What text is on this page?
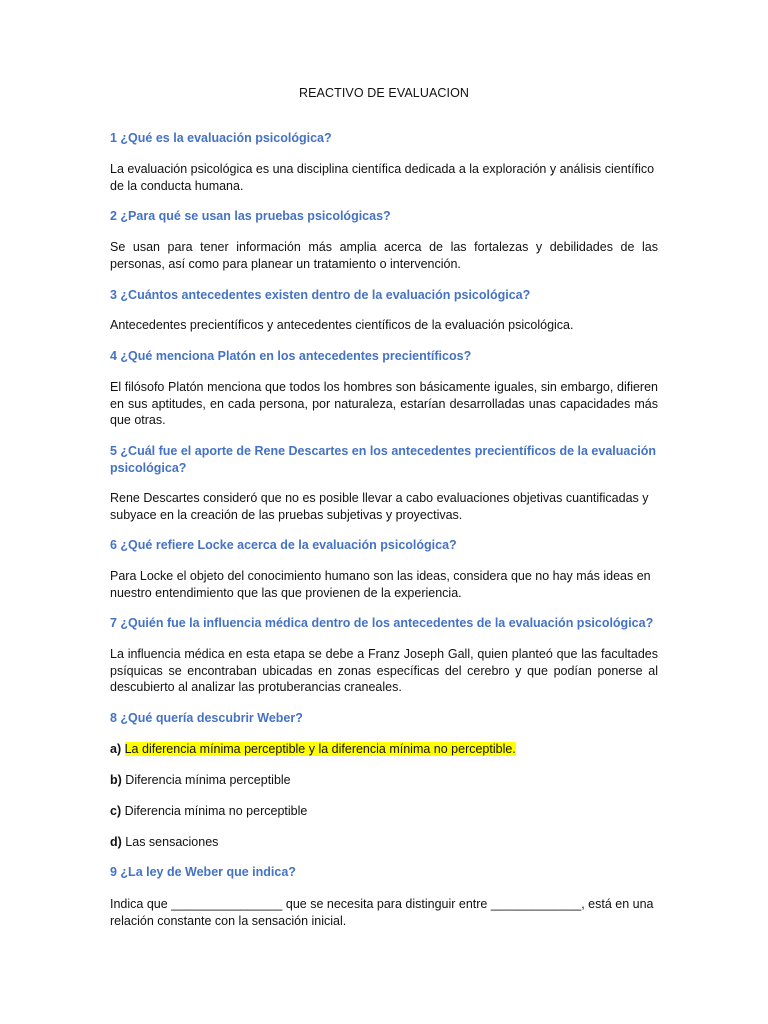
REACTIVO DE EVALUACION
1 ¿Qué es la evaluación psicológica?
La evaluación psicológica es una disciplina científica dedicada a la exploración y análisis científico de la conducta humana.
2 ¿Para qué se usan las pruebas psicológicas?
Se usan para tener información más amplia acerca de las fortalezas y debilidades de las personas, así como para planear un tratamiento o intervención.
3 ¿Cuántos antecedentes existen dentro de la evaluación psicológica?
Antecedentes precientíficos y antecedentes científicos de la evaluación psicológica.
4 ¿Qué menciona Platón en los antecedentes precientíficos?
El filósofo Platón menciona que todos los hombres son básicamente iguales, sin embargo, difieren en sus aptitudes, en cada persona, por naturaleza, estarían desarrolladas unas capacidades más que otras.
5 ¿Cuál fue el aporte de Rene Descartes en los antecedentes precientíficos de la evaluación psicológica?
Rene Descartes consideró que no es posible llevar a cabo evaluaciones objetivas cuantificadas y subyace en la creación de las pruebas subjetivas y proyectivas.
6 ¿Qué refiere Locke acerca de la evaluación psicológica?
Para Locke el objeto del conocimiento humano son las ideas, considera que no hay más ideas en nuestro entendimiento que las que provienen de la experiencia.
7 ¿Quién fue la influencia médica dentro de los antecedentes de la evaluación psicológica?
La influencia médica en esta etapa se debe a Franz Joseph Gall, quien planteó que las facultades psíquicas se encontraban ubicadas en zonas específicas del cerebro y que podían ponerse al descubierto al analizar las protuberancias craneales.
8 ¿Qué quería descubrir Weber?
a) La diferencia mínima perceptible y la diferencia mínima no perceptible.
b) Diferencia mínima perceptible
c) Diferencia mínima no perceptible
d) Las sensaciones
9 ¿La ley de Weber que indica?
Indica que ________________ que se necesita para distinguir entre _____________, está en una relación constante con la sensación inicial.
